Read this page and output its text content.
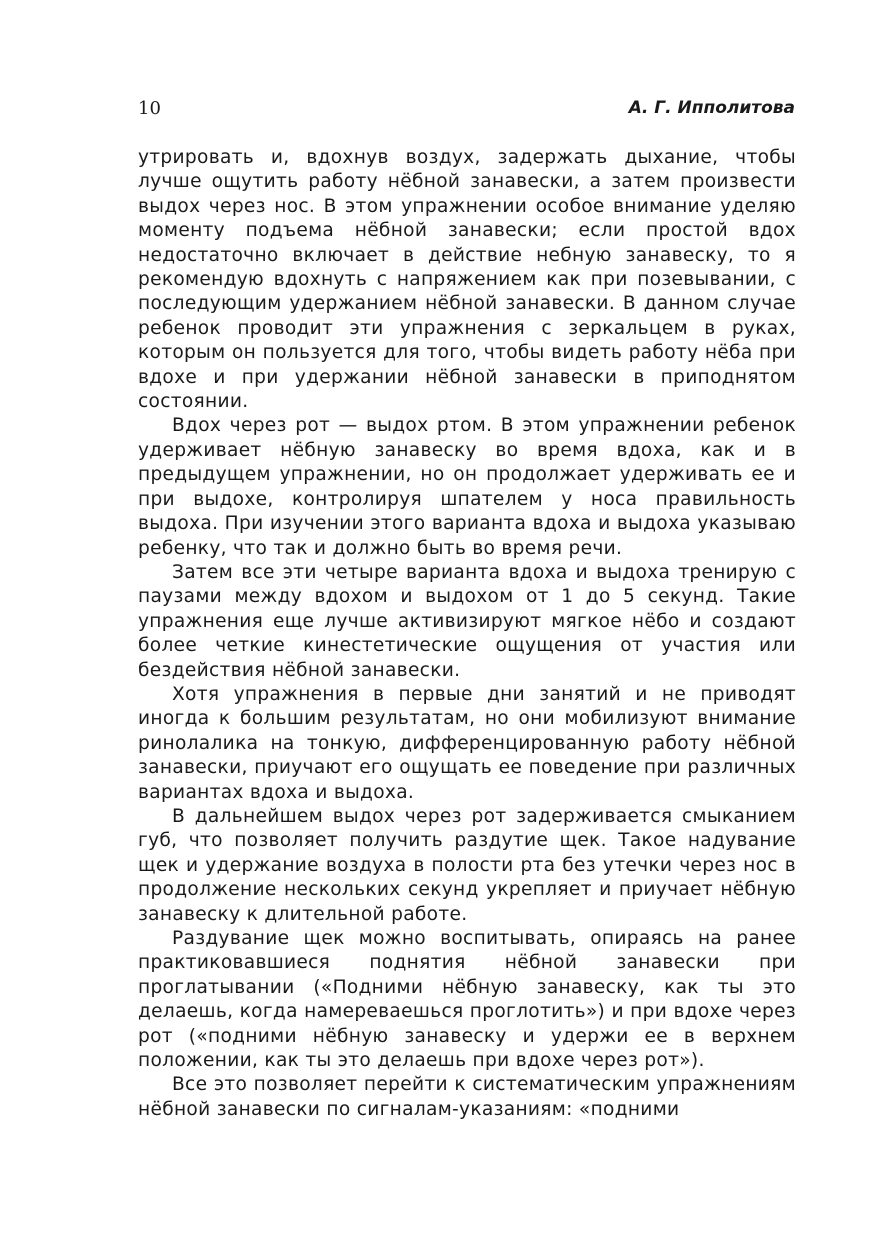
10	А. Г. Ипполитова

утрировать и, вдохнув воздух, задержать дыхание, чтобы лучше ощутить работу нёбной занавески, а затем произвести выдох через нос. В этом упражнении особое внимание уделяю моменту подъема нёбной занавески; если простой вдох недостаточно включает в действие небную занавеску, то я рекомендую вдохнуть с напряжением как при позевывании, с последующим удержанием нёбной занавески. В данном случае ребенок проводит эти упражнения с зеркальцем в руках, которым он пользуется для того, чтобы видеть работу нёба при вдохе и при удержании нёбной занавески в приподнятом состоянии.

Вдох через рот — выдох ртом. В этом упражнении ребенок удерживает нёбную занавеску во время вдоха, как и в предыдущем упражнении, но он продолжает удерживать ее и при выдохе, контролируя шпателем у носа правильность выдоха. При изучении этого варианта вдоха и выдоха указываю ребенку, что так и должно быть во время речи.

Затем все эти четыре варианта вдоха и выдоха тренирую с паузами между вдохом и выдохом от 1 до 5 секунд. Такие упражнения еще лучше активизируют мягкое нёбо и создают более четкие кинестетические ощущения от участия или бездействия нёбной занавески.

Хотя упражнения в первые дни занятий и не приводят иногда к большим результатам, но они мобилизуют внимание ринолалика на тонкую, дифференцированную работу нёбной занавески, приучают его ощущать ее поведение при различных вариантах вдоха и выдоха.

В дальнейшем выдох через рот задерживается смыканием губ, что позволяет получить раздутие щек. Такое надувание щек и удержание воздуха в полости рта без утечки через нос в продолжение нескольких секунд укрепляет и приучает нёбную занавеску к длительной работе.

Раздувание щек можно воспитывать, опираясь на ранее практиковавшиеся поднятия нёбной занавески при проглатывании («Подними нёбную занавеску, как ты это делаешь, когда намереваешься проглотить») и при вдохе через рот («подними нёбную занавеску и удержи ее в верхнем положении, как ты это делаешь при вдохе через рот»).

Все это позволяет перейти к систематическим упражнениям нёбной занавески по сигналам-указаниям: «подними
